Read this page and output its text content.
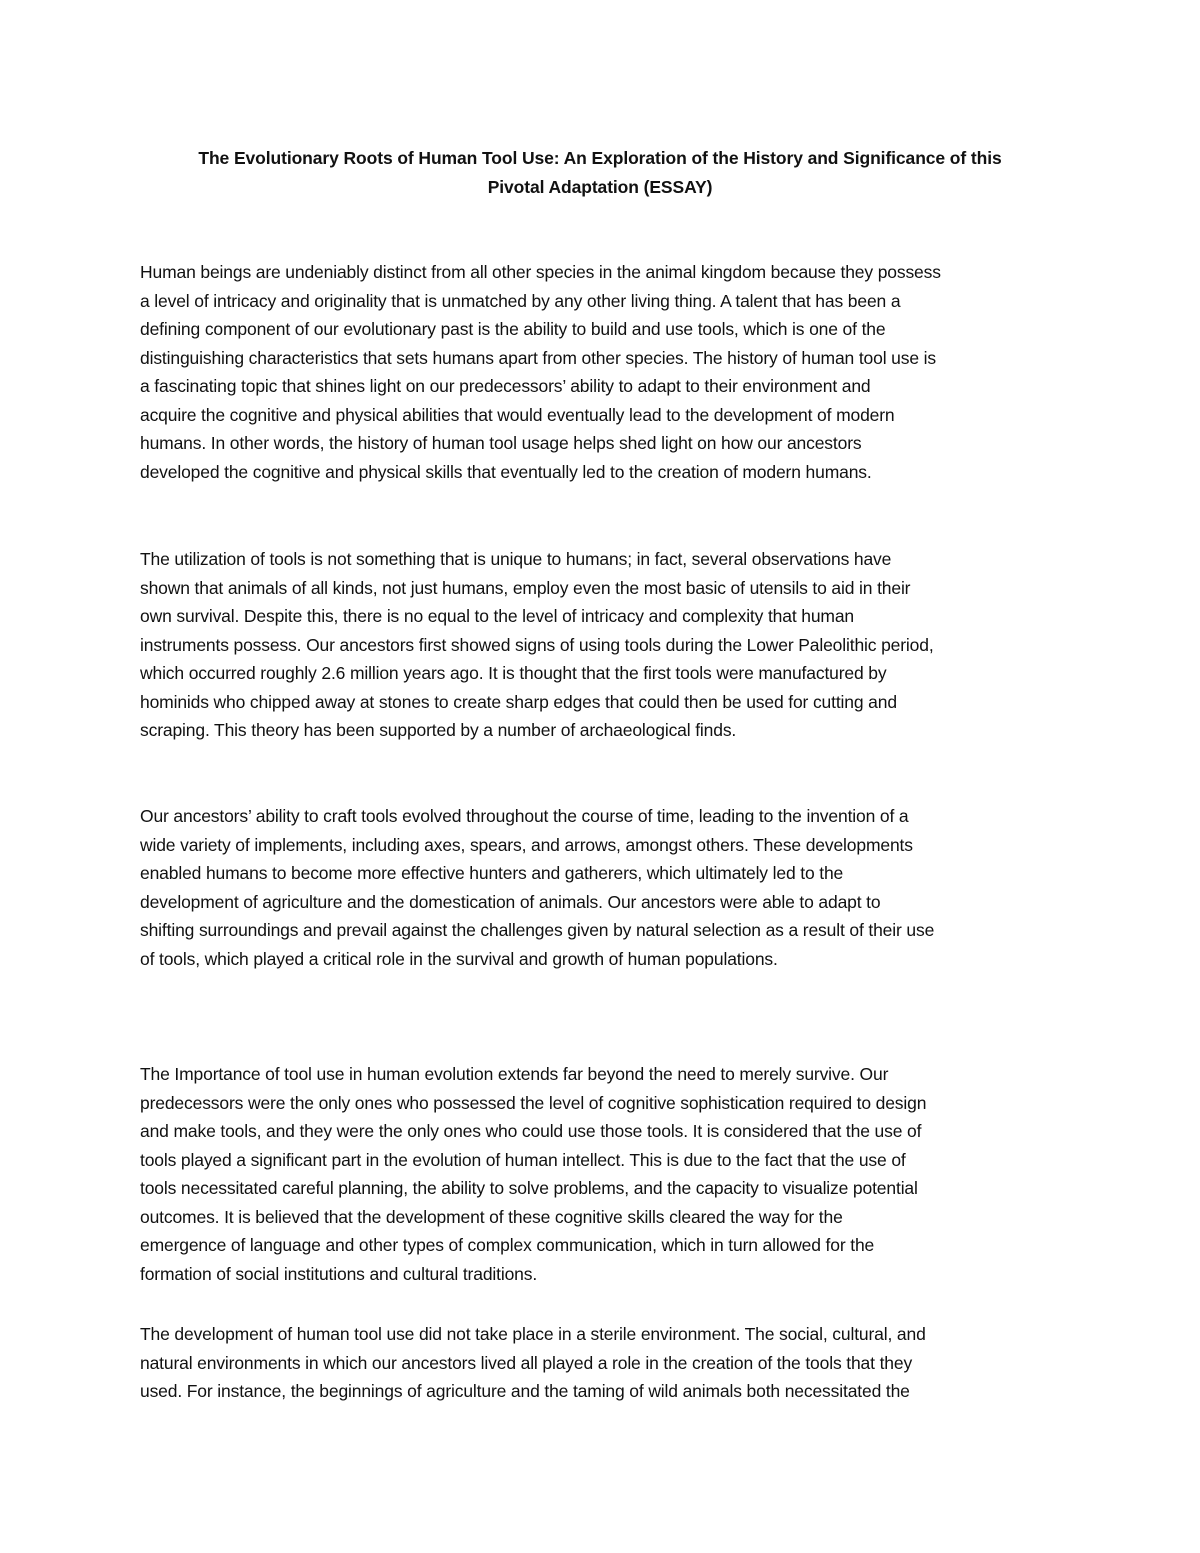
The Evolutionary Roots of Human Tool Use: An Exploration of the History and Significance of this
Pivotal Adaptation (ESSAY)

Human beings are undeniably distinct from all other species in the animal kingdom because they possess
a level of intricacy and originality that is unmatched by any other living thing. A talent that has been a
defining component of our evolutionary past is the ability to build and use tools, which is one of the
distinguishing characteristics that sets humans apart from other species. The history of human tool use is
a fascinating topic that shines light on our predecessors’ ability to adapt to their environment and
acquire the cognitive and physical abilities that would eventually lead to the development of modern
humans. In other words, the history of human tool usage helps shed light on how our ancestors
developed the cognitive and physical skills that eventually led to the creation of modern humans.

The utilization of tools is not something that is unique to humans; in fact, several observations have
shown that animals of all kinds, not just humans, employ even the most basic of utensils to aid in their
own survival. Despite this, there is no equal to the level of intricacy and complexity that human
instruments possess. Our ancestors first showed signs of using tools during the Lower Paleolithic period,
which occurred roughly 2.6 million years ago. It is thought that the first tools were manufactured by
hominids who chipped away at stones to create sharp edges that could then be used for cutting and
scraping. This theory has been supported by a number of archaeological finds.

Our ancestors’ ability to craft tools evolved throughout the course of time, leading to the invention of a
wide variety of implements, including axes, spears, and arrows, amongst others. These developments
enabled humans to become more effective hunters and gatherers, which ultimately led to the
development of agriculture and the domestication of animals. Our ancestors were able to adapt to
shifting surroundings and prevail against the challenges given by natural selection as a result of their use
of tools, which played a critical role in the survival and growth of human populations.

The Importance of tool use in human evolution extends far beyond the need to merely survive. Our
predecessors were the only ones who possessed the level of cognitive sophistication required to design
and make tools, and they were the only ones who could use those tools. It is considered that the use of
tools played a significant part in the evolution of human intellect. This is due to the fact that the use of
tools necessitated careful planning, the ability to solve problems, and the capacity to visualize potential
outcomes. It is believed that the development of these cognitive skills cleared the way for the
emergence of language and other types of complex communication, which in turn allowed for the
formation of social institutions and cultural traditions.

The development of human tool use did not take place in a sterile environment. The social, cultural, and
natural environments in which our ancestors lived all played a role in the creation of the tools that they
used. For instance, the beginnings of agriculture and the taming of wild animals both necessitated the
